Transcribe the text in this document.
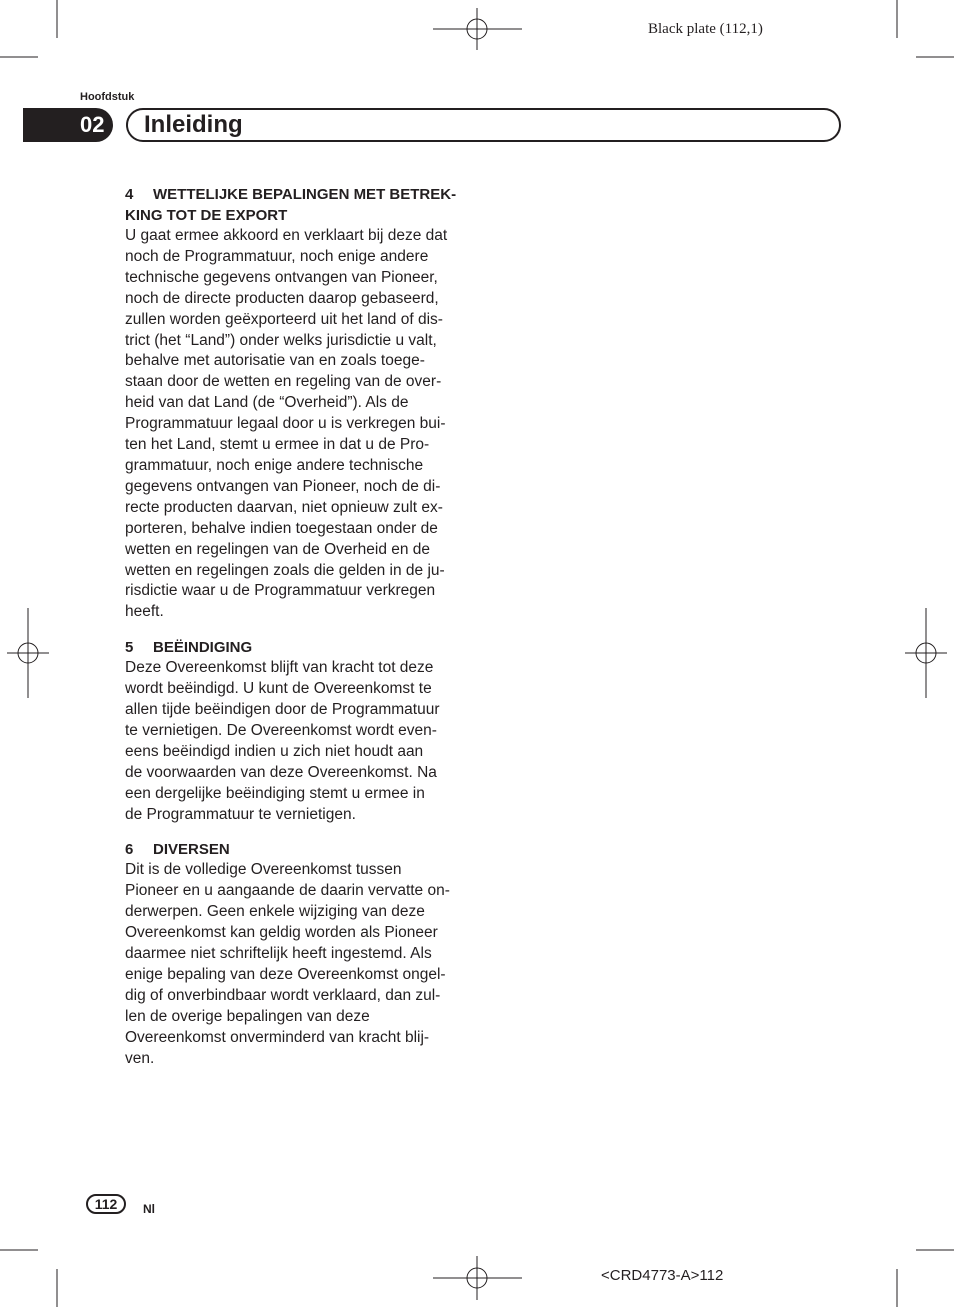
Black plate (112,1)
Hoofdstuk
02 Inleiding
4 WETTELIJKE BEPALINGEN MET BETREK-
KING TOT DE EXPORT
U gaat ermee akkoord en verklaart bij deze dat
noch de Programmatuur, noch enige andere
technische gegevens ontvangen van Pioneer,
noch de directe producten daarop gebaseerd,
zullen worden geëxporteerd uit het land of dis-
trict (het “Land”) onder welks jurisdictie u valt,
behalve met autorisatie van en zoals toege-
staan door de wetten en regeling van de over-
heid van dat Land (de “Overheid”). Als de
Programmatuur legaal door u is verkregen bui-
ten het Land, stemt u ermee in dat u de Pro-
grammatuur, noch enige andere technische
gegevens ontvangen van Pioneer, noch de di-
recte producten daarvan, niet opnieuw zult ex-
porteren, behalve indien toegestaan onder de
wetten en regelingen van de Overheid en de
wetten en regelingen zoals die gelden in de ju-
risdictie waar u de Programmatuur verkregen
heeft.
5 BEËINDIGING
Deze Overeenkomst blijft van kracht tot deze
wordt beëindigd. U kunt de Overeenkomst te
allen tijde beëindigen door de Programmatuur
te vernietigen. De Overeenkomst wordt even-
eens beëindigd indien u zich niet houdt aan
de voorwaarden van deze Overeenkomst. Na
een dergelijke beëindiging stemt u ermee in
de Programmatuur te vernietigen.
6 DIVERSEN
Dit is de volledige Overeenkomst tussen
Pioneer en u aangaande de daarin vervatte on-
derwerpen. Geen enkele wijziging van deze
Overeenkomst kan geldig worden als Pioneer
daarmee niet schriftelijk heeft ingestemd. Als
enige bepaling van deze Overeenkomst ongel-
dig of onverbindbaar wordt verklaard, dan zul-
len de overige bepalingen van deze
Overeenkomst onverminderd van kracht blij-
ven.
112 Nl
<CRD4773-A>112
